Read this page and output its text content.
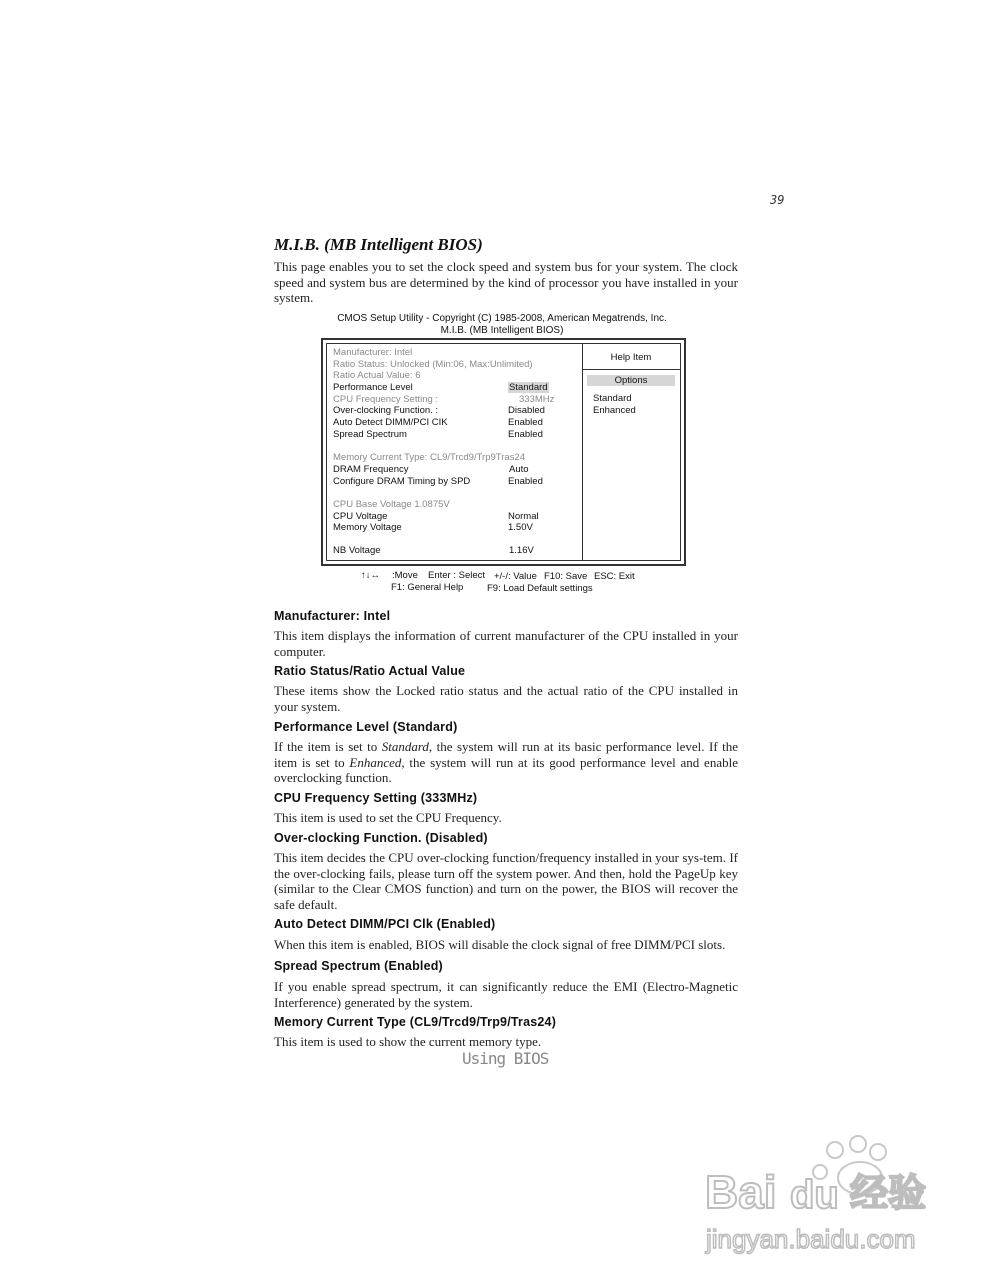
39
M.I.B. (MB Intelligent BIOS)
This page enables you to set the clock speed and system bus for your system. The clock speed and system bus are determined by the kind of processor you have installed in your system.
CMOS Setup Utility - Copyright (C) 1985-2008, American Megatrends, Inc.
M.I.B. (MB Intelligent BIOS)
Help Item
Options
Standard
Enhanced
Manufacturer: Intel
Ratio Status: Unlocked (Min:06, Max:Unlimited)
Ratio Actual Value: 6
Performance Level	Standard
CPU Frequency Setting :	333MHz
Over-clocking Function. :	Disabled
Auto Detect DIMM/PCI CIK	Enabled
Spread Spectrum	Enabled
Memory Current Type: CL9/Trcd9/Trp9Tras24
DRAM Frequency	Auto
Configure DRAM Timing by SPD	Enabled
CPU Base Voltage 1.0875V
CPU Voltage	Normal
Memory Voltage	1.50V
NB Voltage	1.16V
↑↓↔ :Move Enter : Select +/-/: Value F10: Save ESC: Exit
F1: General Help F9: Load Default settings
Manufacturer: Intel
This item displays the information of current manufacturer of the CPU installed in your computer.
Ratio Status/Ratio Actual Value
These items show the Locked ratio status and the actual ratio of the CPU installed in your system.
Performance Level (Standard)
If the item is set to Standard, the system will run at its basic performance level. If the item is set to Enhanced, the system will run at its good performance level and enable overclocking function.
CPU Frequency Setting (333MHz)
This item is used to set the CPU Frequency.
Over-clocking Function. (Disabled)
This item decides the CPU over-clocking function/frequency installed in your sys-tem. If the over-clocking fails, please turn off the system power. And then, hold the PageUp key (similar to the Clear CMOS function) and turn on the power, the BIOS will recover the safe default.
Auto Detect DIMM/PCI Clk (Enabled)
When this item is enabled, BIOS will disable the clock signal of free DIMM/PCI slots.
Spread Spectrum (Enabled)
If you enable spread spectrum, it can significantly reduce the EMI (Electro-Magnetic Interference) generated by the system.
Memory Current Type (CL9/Trcd9/Trp9/Tras24)
This item is used to show the current memory type.
Using BIOS
Bai du 经验
jingyan.baidu.com
